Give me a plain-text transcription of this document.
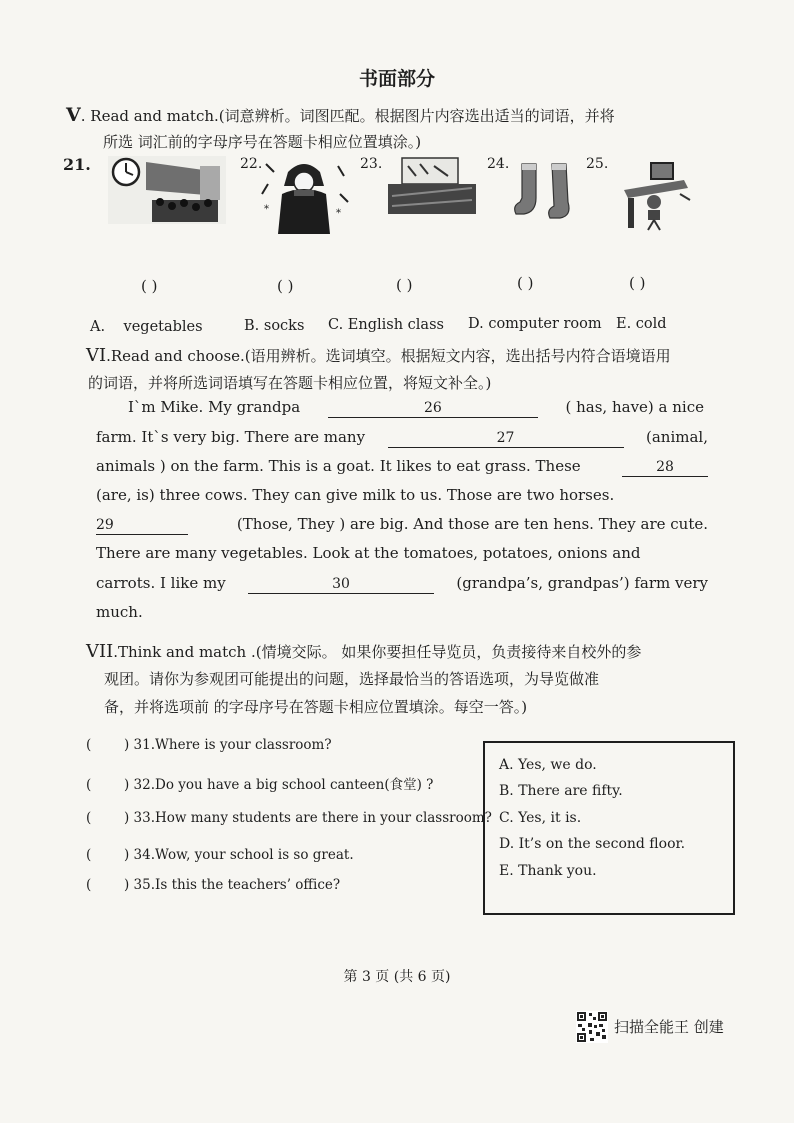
书面部分
V. Read and match.(词意辨析。词图匹配。根据图片内容选出适当的词语，并将
所选 词汇前的字母序号在答题卡相应位置填涂。)
21.	22.	23.	24.	25.
*	*
( )	( )	( )	( )	( )
A.    vegetables	B. socks C. English class D. computer room E. cold
VI.Read and choose.(语用辨析。选词填空。根据短文内容，选出括号内符合语境语用
的词语，并将所选词语填写在答题卡相应位置，将短文补全。)
I`m Mike. My grandpa	26	( has, have) a nice
farm. It`s very big. There are many	27	(animal,
animals ) on the farm. This is a goat. It likes to eat grass. These	28
(are, is) three cows. They can give milk to us. Those are two horses.
29	(Those, They ) are big. And those are ten hens. They are cute.
There are many vegetables. Look at the tomatoes, potatoes, onions and
carrots. I like my	30	(grandpa’s, grandpas’) farm very
much.
VII.Think and match .(情境交际。 如果你要担任导览员，负责接待来自校外的参
观团。请你为参观团可能提出的问题，选择最恰当的答语选项，为导览做准
备，并将选项前 的字母序号在答题卡相应位置填涂。每空一答。)
( ) 31.Where is your classroom?
( ) 32.Do you have a big school canteen(食堂) ?
( ) 33.How many students are there in your classroom?
( ) 34.Wow, your school is so great.
( ) 35.Is this the teachers’ office?
A. Yes, we do.
B. There are fifty.
C. Yes, it is.
D. It’s on the second floor.
E. Thank you.
第 3 页 (共 6 页)
扫描全能王 创建
